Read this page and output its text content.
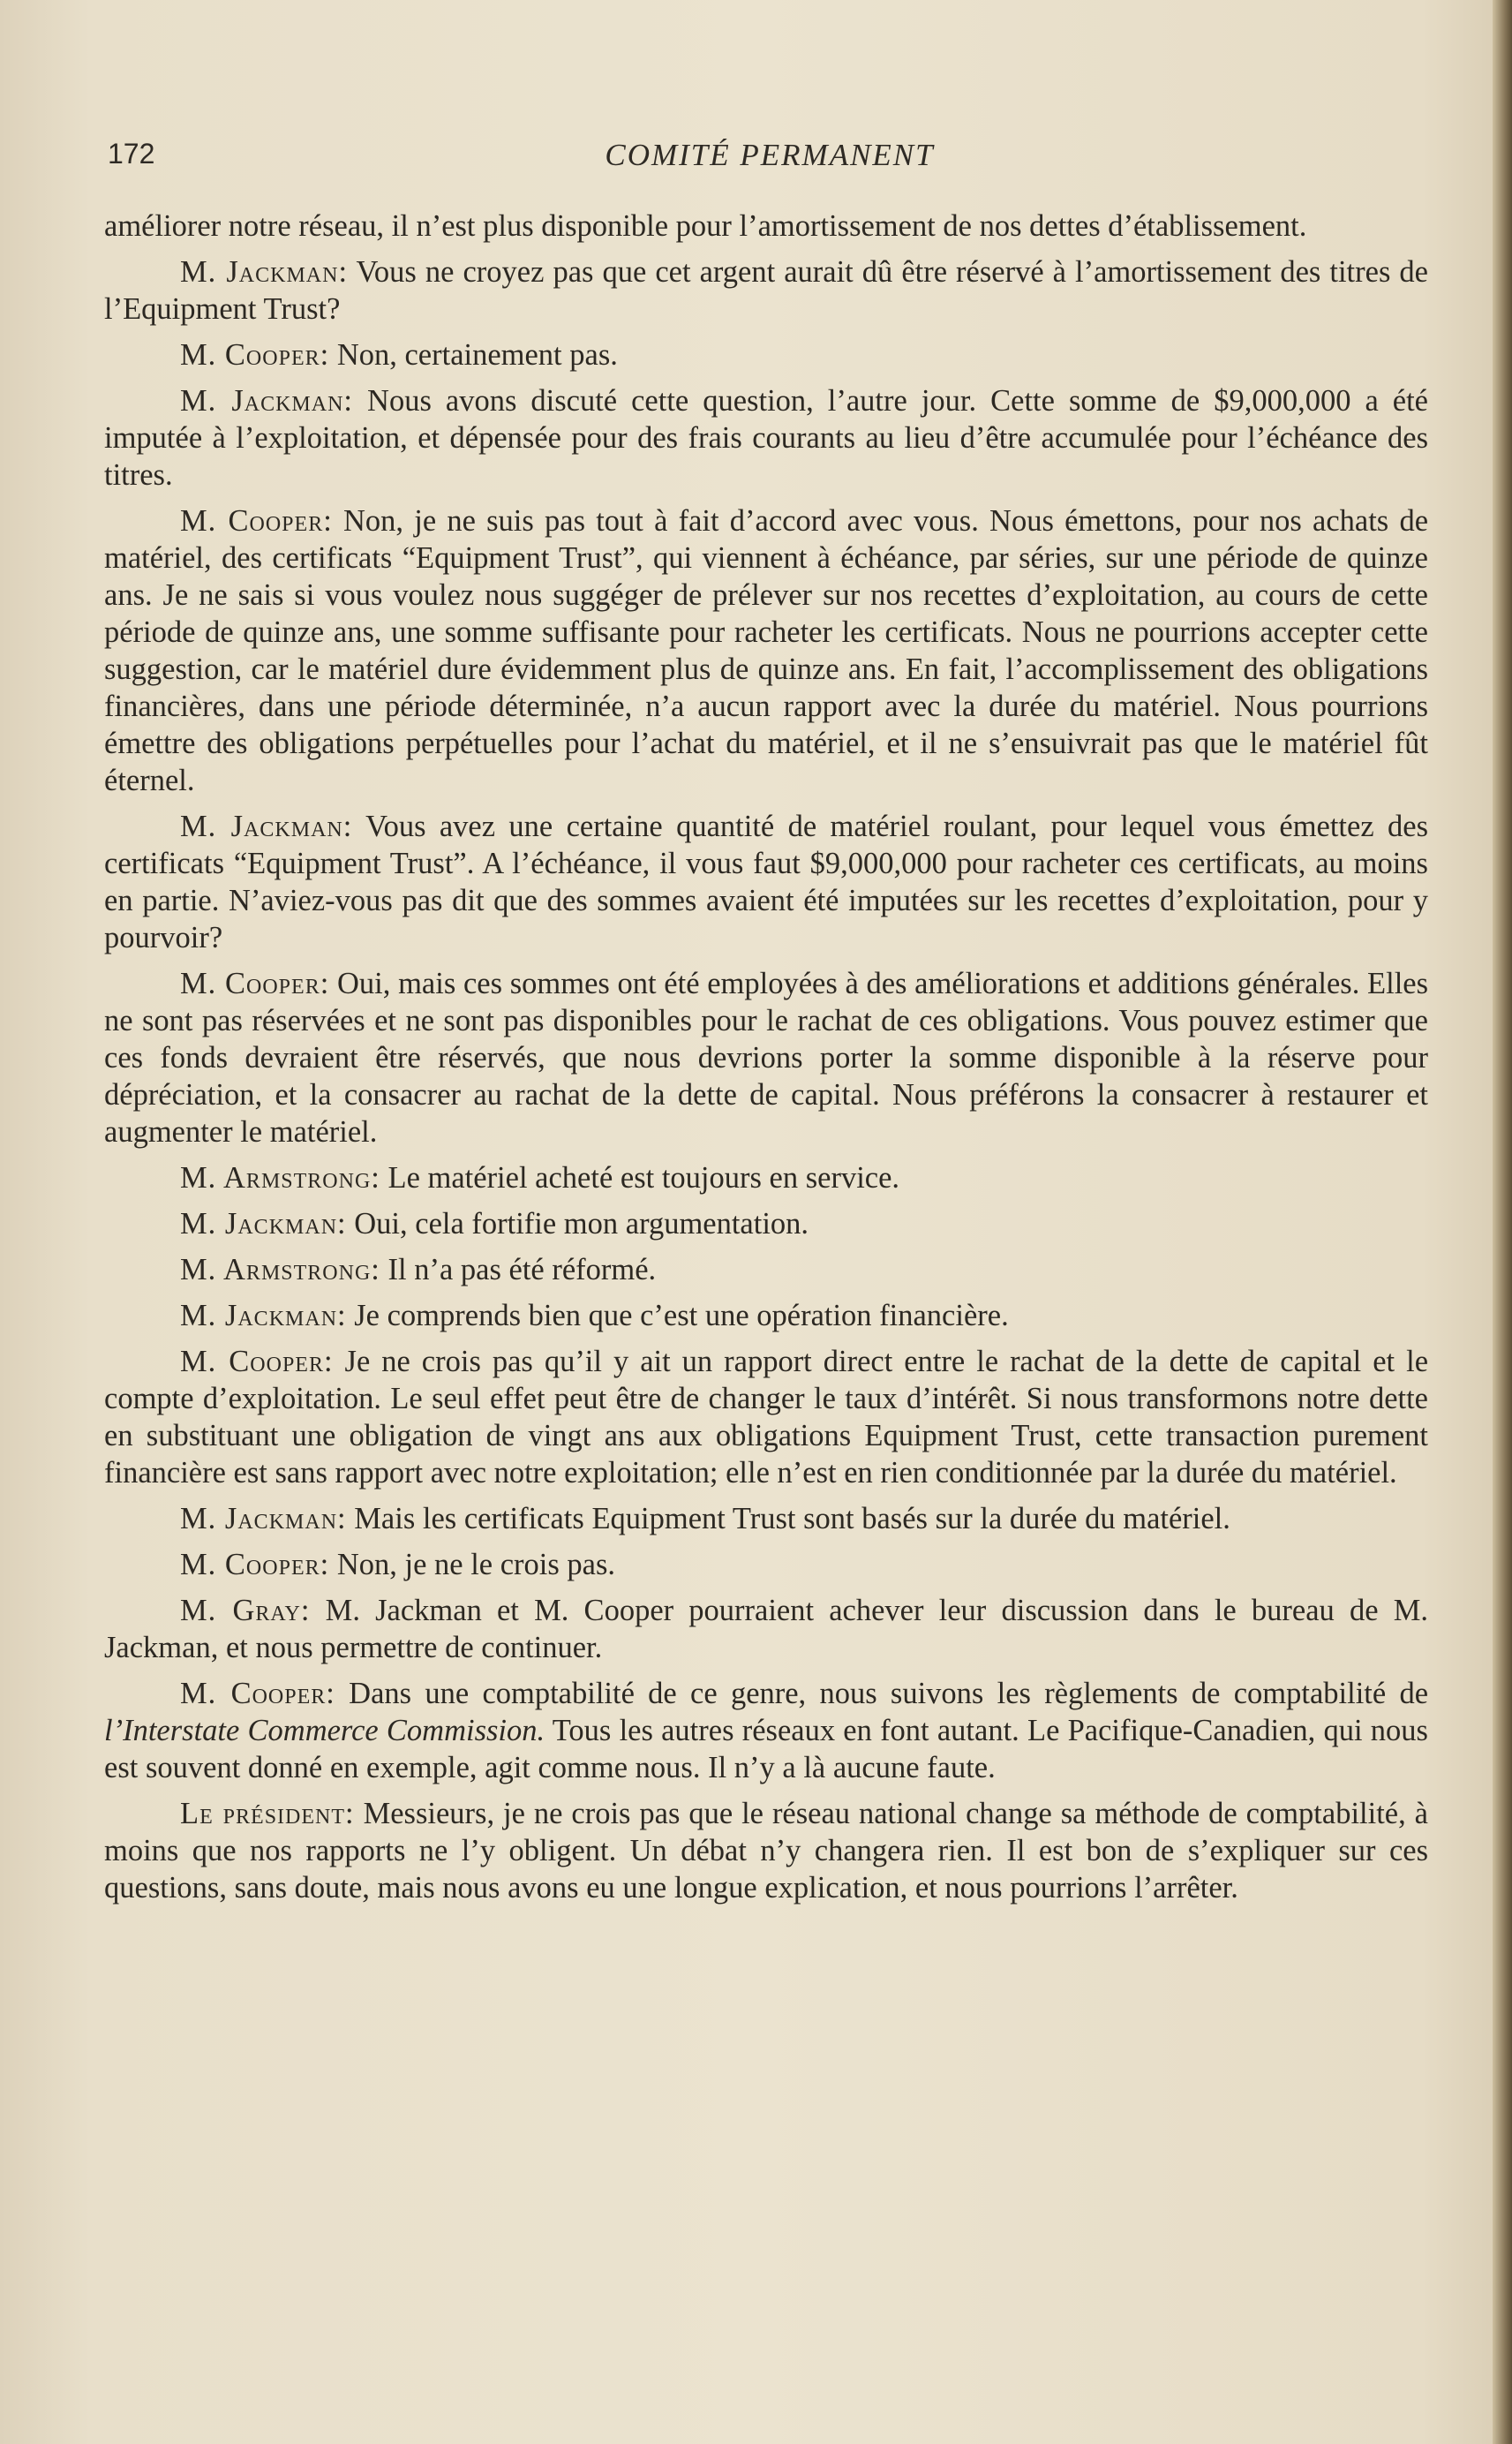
172	COMITÉ PERMANENT

améliorer notre réseau, il n’est plus disponible pour l’amortissement de nos dettes d’établissement.

M. Jackman: Vous ne croyez pas que cet argent aurait dû être réservé à l’amortissement des titres de l’Equipment Trust?

M. Cooper: Non, certainement pas.

M. Jackman: Nous avons discuté cette question, l’autre jour. Cette somme de $9,000,000 a été imputée à l’exploitation, et dépensée pour des frais courants au lieu d’être accumulée pour l’échéance des titres.

M. Cooper: Non, je ne suis pas tout à fait d’accord avec vous. Nous émettons, pour nos achats de matériel, des certificats “Equipment Trust”, qui viennent à échéance, par séries, sur une période de quinze ans. Je ne sais si vous voulez nous suggéger de prélever sur nos recettes d’exploitation, au cours de cette période de quinze ans, une somme suffisante pour racheter les certificats. Nous ne pourrions accepter cette suggestion, car le matériel dure évidemment plus de quinze ans. En fait, l’accomplissement des obligations financières, dans une période déterminée, n’a aucun rapport avec la durée du matériel. Nous pourrions émettre des obligations perpétuelles pour l’achat du matériel, et il ne s’ensuivrait pas que le matériel fût éternel.

M. Jackman: Vous avez une certaine quantité de matériel roulant, pour lequel vous émettez des certificats “Equipment Trust”. A l’échéance, il vous faut $9,000,000 pour racheter ces certificats, au moins en partie. N’aviez-vous pas dit que des sommes avaient été imputées sur les recettes d’exploitation, pour y pourvoir?

M. Cooper: Oui, mais ces sommes ont été employées à des améliorations et additions générales. Elles ne sont pas réservées et ne sont pas disponibles pour le rachat de ces obligations. Vous pouvez estimer que ces fonds devraient être réservés, que nous devrions porter la somme disponible à la réserve pour dépréciation, et la consacrer au rachat de la dette de capital. Nous préférons la consacrer à restaurer et augmenter le matériel.

M. Armstrong: Le matériel acheté est toujours en service.

M. Jackman: Oui, cela fortifie mon argumentation.

M. Armstrong: Il n’a pas été réformé.

M. Jackman: Je comprends bien que c’est une opération financière.

M. Cooper: Je ne crois pas qu’il y ait un rapport direct entre le rachat de la dette de capital et le compte d’exploitation. Le seul effet peut être de changer le taux d’intérêt. Si nous transformons notre dette en substituant une obligation de vingt ans aux obligations Equipment Trust, cette transaction purement financière est sans rapport avec notre exploitation; elle n’est en rien conditionnée par la durée du matériel.

M. Jackman: Mais les certificats Equipment Trust sont basés sur la durée du matériel.

M. Cooper: Non, je ne le crois pas.

M. Gray: M. Jackman et M. Cooper pourraient achever leur discussion dans le bureau de M. Jackman, et nous permettre de continuer.

M. Cooper: Dans une comptabilité de ce genre, nous suivons les règlements de comptabilité de l’Interstate Commerce Commission. Tous les autres réseaux en font autant. Le Pacifique-Canadien, qui nous est souvent donné en exemple, agit comme nous. Il n’y a là aucune faute.

Le président: Messieurs, je ne crois pas que le réseau national change sa méthode de comptabilité, à moins que nos rapports ne l’y obligent. Un débat n’y changera rien. Il est bon de s’expliquer sur ces questions, sans doute, mais nous avons eu une longue explication, et nous pourrions l’arrêter.
